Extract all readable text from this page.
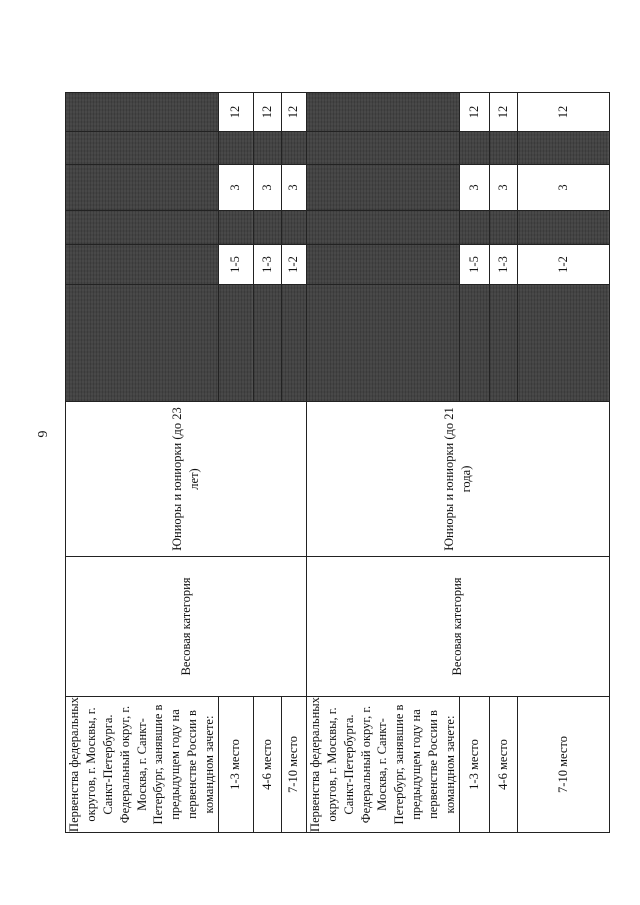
6
Первенства федеральных округов, г. Москвы, г. Санкт-Петербурга. Федеральный округ, г. Москва, г. Санкт-Петербург, занявшие в предыдущем году на первенстве России в командном зачете:	Весовая категория	Юниоры и юниорки (до 23 лет)						
1-3 место				1-5		3		12
4-6 место				1-3		3		12
7-10 место				1-2		3		12
Первенства федеральных округов, г. Москвы, г. Санкт-Петербурга. Федеральный округ, г. Москва, г. Санкт-Петербург, занявшие в предыдущем году на первенстве России в командном зачете:	Весовая категория	Юниоры и юниорки (до 21 года)						
1-3 место				1-5		3		12
4-6 место				1-3		3		12
7-10 место				1-2		3		12
